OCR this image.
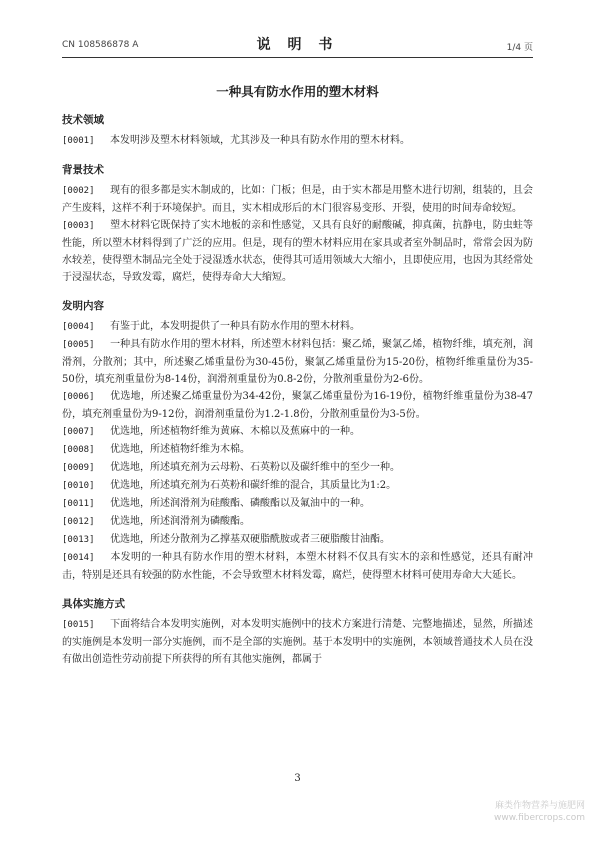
CN 108586878 A	说 明 书	1/4 页
一种具有防水作用的塑木材料
技术领域
[0001] 本发明涉及塑木材料领域，尤其涉及一种具有防水作用的塑木材料。
背景技术
[0002] 现有的很多都是实木制成的，比如：门板；但是，由于实木都是用整木进行切割，组装的，且会产生废料，这样不利于环境保护。而且，实木相成形后的木门很容易变形、开裂，使用的时间寿命较短。
[0003] 塑木材料它既保持了实木地板的亲和性感觉，又具有良好的耐酸碱，抑真菌，抗静电，防虫蛀等性能，所以塑木材料得到了广泛的应用。但是，现有的塑木材料应用在家具或者室外制品时，常常会因为防水较差，使得塑木制品完全处于浸湿透水状态，使得其可适用领域大大缩小，且即使应用，也因为其经常处于浸湿状态，导致发霉，腐烂，使得寿命大大缩短。
发明内容
[0004] 有鉴于此，本发明提供了一种具有防水作用的塑木材料。
[0005] 一种具有防水作用的塑木材料，所述塑木材料包括：聚乙烯，聚氯乙烯，植物纤维，填充剂，润滑剂，分散剂；其中，所述聚乙烯重量份为30-45份，聚氯乙烯重量份为15-20份，植物纤维重量份为35-50份，填充剂重量份为8-14份，润滑剂重量份为0.8-2份，分散剂重量份为2-6份。
[0006] 优选地，所述聚乙烯重量份为34-42份，聚氯乙烯重量份为16-19份，植物纤维重量份为38-47份，填充剂重量份为9-12份，润滑剂重量份为1.2-1.8份，分散剂重量份为3-5份。
[0007] 优选地，所述植物纤维为黄麻、木棉以及蕉麻中的一种。
[0008] 优选地，所述植物纤维为木棉。
[0009] 优选地，所述填充剂为云母粉、石英粉以及碳纤维中的至少一种。
[0010] 优选地，所述填充剂为石英粉和碳纤维的混合，其质量比为1:2。
[0011] 优选地，所述润滑剂为硅酸酯、磷酸酯以及氟油中的一种。
[0012] 优选地，所述润滑剂为磷酸酯。
[0013] 优选地，所述分散剂为乙撑基双硬脂酰胺或者三硬脂酸甘油酯。
[0014] 本发明的一种具有防水作用的塑木材料，本塑木材料不仅具有实木的亲和性感觉，还具有耐冲击，特别是还具有较强的防水性能，不会导致塑木材料发霉，腐烂，使得塑木材料可使用寿命大大延长。
具体实施方式
[0015] 下面将结合本发明实施例，对本发明实施例中的技术方案进行清楚、完整地描述，显然，所描述的实施例是本发明一部分实施例，而不是全部的实施例。基于本发明中的实施例，本领域普通技术人员在没有做出创造性劳动前提下所获得的所有其他实施例，都属于
3
麻类作物营养与施肥网
www.fibercrops.com
